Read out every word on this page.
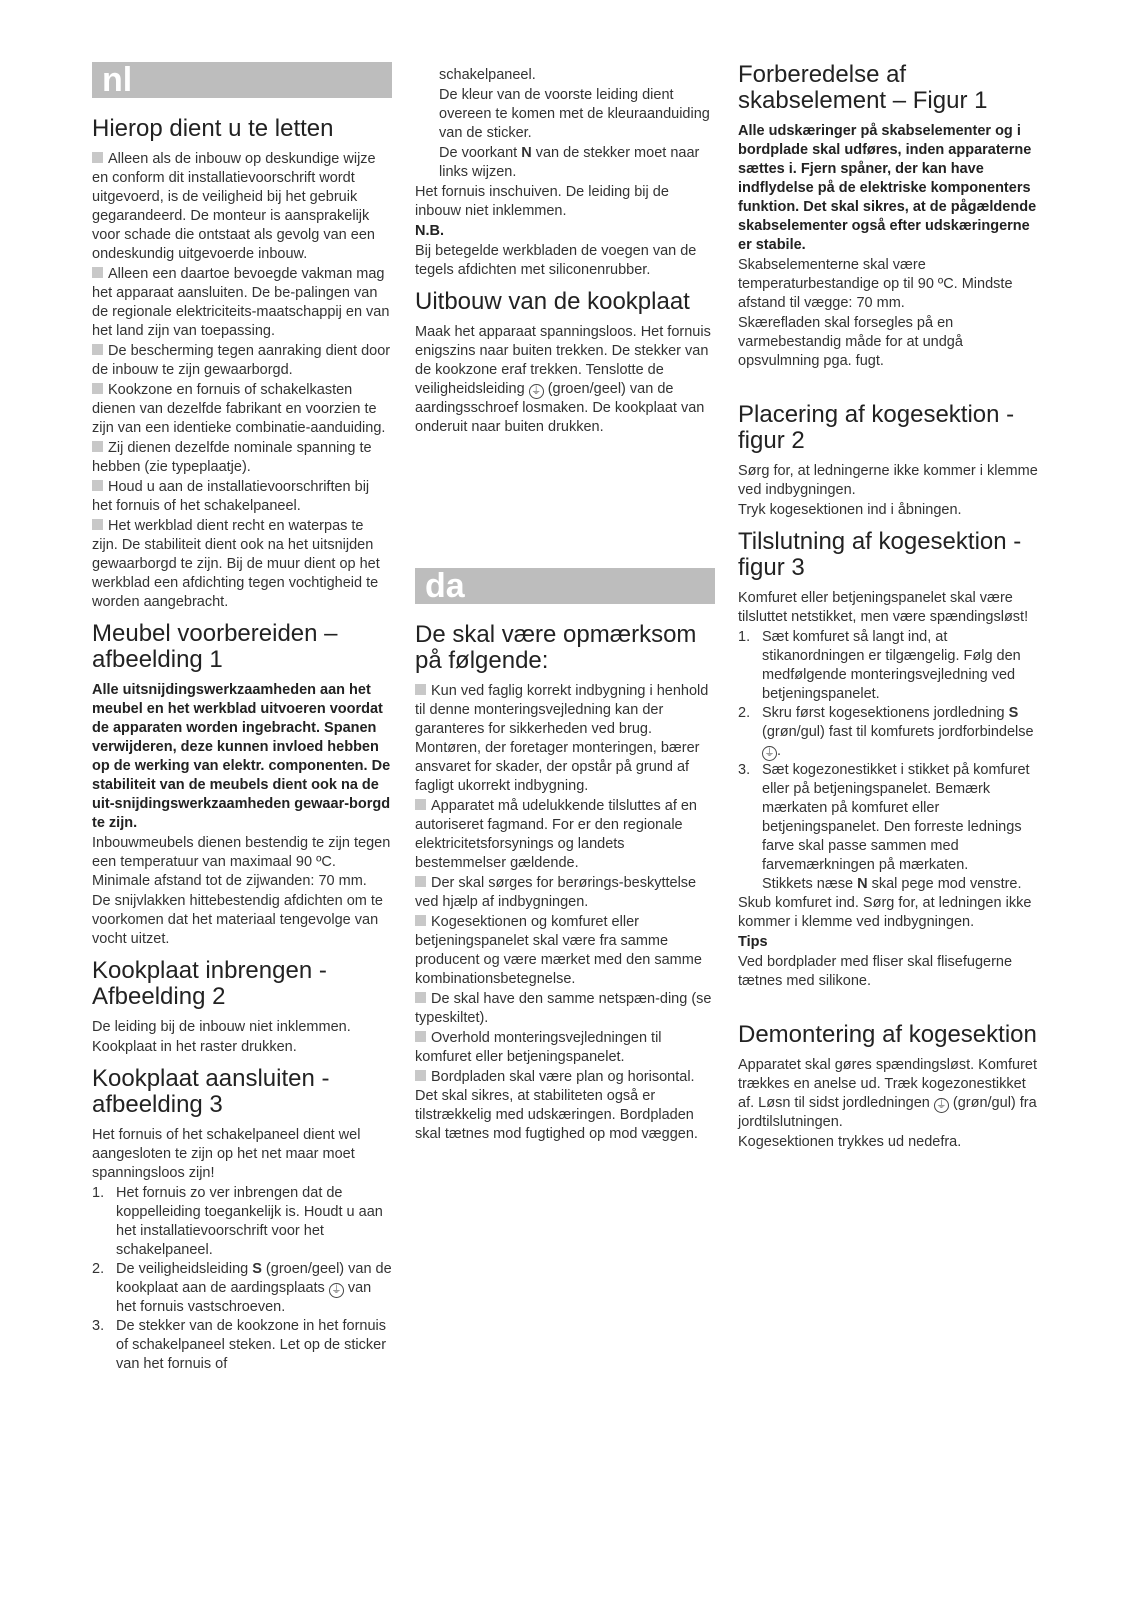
nl
Hierop dient u te letten

Alleen als de inbouw op deskundige wijze en conform dit installatievoorschrift wordt uitgevoerd, is de veiligheid bij het gebruik gegarandeerd. De monteur is aansprakelijk voor schade die ontstaat als gevolg van een ondeskundig uitgevoerde inbouw.

Alleen een daartoe bevoegde vakman mag het apparaat aansluiten. De be-palingen van de regionale elektriciteits-maatschappij en van het land zijn van toepassing.

De bescherming tegen aanraking dient door de inbouw te zijn gewaarborgd.

Kookzone en fornuis of schakelkasten dienen van dezelfde fabrikant en voorzien te zijn van een identieke combinatie-aanduiding.

Zij dienen dezelfde nominale spanning te hebben (zie typeplaatje).

Houd u aan de installatievoorschriften bij het fornuis of het schakelpaneel.

Het werkblad dient recht en waterpas te zijn. De stabiliteit dient ook na het uitsnijden gewaarborgd te zijn. Bij de muur dient op het werkblad een afdichting tegen vochtigheid te worden aangebracht.

Meubel voorbereiden – afbeelding 1

Alle uitsnijdingswerkzaamheden aan het meubel en het werkblad uitvoeren voordat de apparaten worden ingebracht. Spanen verwijderen, deze kunnen invloed hebben op de werking van elektr. componenten. De stabiliteit van de meubels dient ook na de uit-snijdingswerkzaamheden gewaar-borgd te zijn.

Inbouwmeubels dienen bestendig te zijn tegen een temperatuur van maximaal 90 ºC. Minimale afstand tot de zijwanden: 70 mm.

De snijvlakken hittebestendig afdichten om te voorkomen dat het materiaal tengevolge van vocht uitzet.

Kookplaat inbrengen - Afbeelding 2

De leiding bij de inbouw niet inklemmen.

Kookplaat in het raster drukken.

Kookplaat aansluiten - afbeelding 3

Het fornuis of het schakelpaneel dient wel aangesloten te zijn op het net maar moet spanningsloos zijn!

1. Het fornuis zo ver inbrengen dat de koppelleiding toegankelijk is. Houdt u aan het installatievoorschrift voor het schakelpaneel.
2. De veiligheidsleiding S (groen/geel) van de kookplaat aan de aardingsplaats ⏚ van het fornuis vastschroeven.
3. De stekker van de kookzone in het fornuis of schakelpaneel steken. Let op de sticker van het fornuis of

schakelpaneel.

De kleur van de voorste leiding dient overeen te komen met de kleuraanduiding van de sticker.

De voorkant N van de stekker moet naar links wijzen.

Het fornuis inschuiven. De leiding bij de inbouw niet inklemmen.

N.B.

Bij betegelde werkbladen de voegen van de tegels afdichten met siliconenrubber.

Uitbouw van de kookplaat

Maak het apparaat spanningsloos. Het fornuis enigszins naar buiten trekken. De stekker van de kookzone eraf trekken. Tenslotte de veiligheidsleiding ⏚ (groen/geel) van de aardingsschroef losmaken. De kookplaat van onderuit naar buiten drukken.

da
De skal være opmærksom på følgende:

Kun ved faglig korrekt indbygning i henhold til denne monteringsvejledning kan der garanteres for sikkerheden ved brug. Montøren, der foretager monteringen, bærer ansvaret for skader, der opstår på grund af fagligt ukorrekt indbygning.

Apparatet må udelukkende tilsluttes af en autoriseret fagmand. For er den regionale elektricitetsforsynings og landets bestemmelser gældende.

Der skal sørges for berørings-beskyttelse ved hjælp af indbygningen.

Kogesektionen og komfuret eller betjeningspanelet skal være fra samme producent og være mærket med den samme kombinationsbetegnelse.

De skal have den samme netspæn-ding (se typeskiltet).

Overhold monteringsvejledningen til komfuret eller betjeningspanelet.

Bordpladen skal være plan og horisontal. Det skal sikres, at stabiliteten også er tilstrækkelig med udskæringen. Bordpladen skal tætnes mod fugtighed op mod væggen.

Forberedelse af skabselement – Figur 1

Alle udskæringer på skabselementer og i bordplade skal udføres, inden apparaterne sættes i. Fjern spåner, der kan have indflydelse på de elektriske komponenters funktion. Det skal sikres, at de pågældende skabselementer også efter udskæringerne er stabile.

Skabselementerne skal være temperaturbestandige op til 90 ºC. Mindste afstand til vægge: 70 mm.

Skærefladen skal forsegles på en varmebestandig måde for at undgå opsvulmning pga. fugt.

Placering af kogesektion - figur 2

Sørg for, at ledningerne ikke kommer i klemme ved indbygningen.

Tryk kogesektionen ind i åbningen.

Tilslutning af kogesektion - figur 3

Komfuret eller betjeningspanelet skal være tilsluttet netstikket, men være spændingsløst!

1. Sæt komfuret så langt ind, at stikanordningen er tilgængelig. Følg den medfølgende monteringsvejledning ved betjeningspanelet.
2. Skru først kogesektionens jordledning S (grøn/gul) fast til komfurets jordforbindelse⏚ .
3. Sæt kogezonestikket i stikket på komfuret eller på betjeningspanelet. Bemærk mærkaten på komfuret eller betjeningspanelet. Den forreste lednings farve skal passe sammen med farvemærkningen på mærkaten.
Stikkets næse N skal pege mod venstre.

Skub komfuret ind. Sørg for, at ledningen ikke kommer i klemme ved indbygningen.

Tips

Ved bordplader med fliser skal flisefugerne tætnes med silikone.

Demontering af kogesektion

Apparatet skal gøres spændingsløst. Komfuret trækkes en anelse ud. Træk kogezonestikket af. Løsn til sidst jordledningen ⏚ (grøn/gul) fra jordtilslutningen.

Kogesektionen trykkes ud nedefra.
